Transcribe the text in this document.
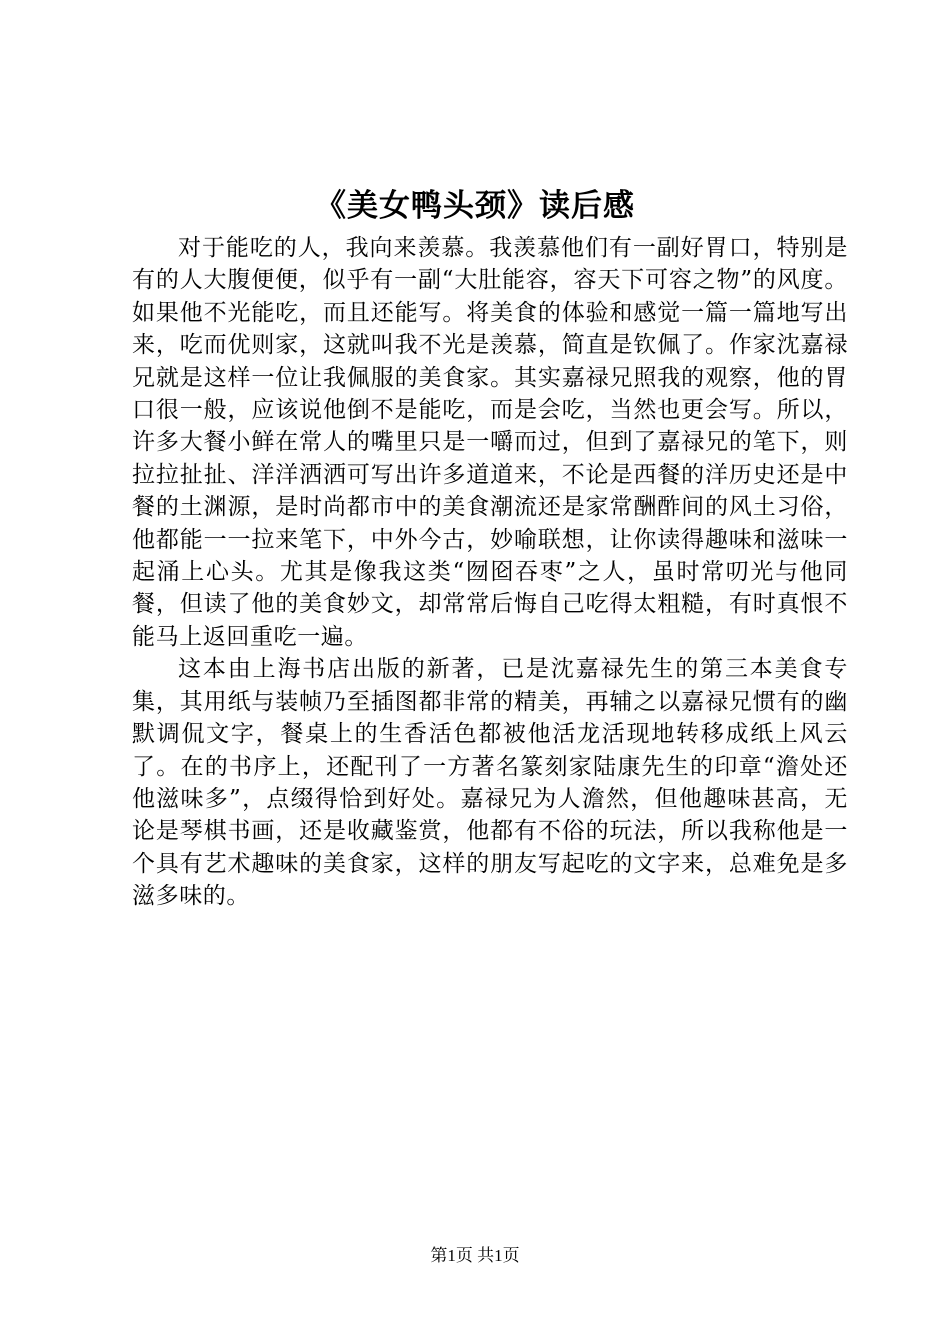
《美女鸭头颈》读后感

对于能吃的人，我向来羡慕。我羡慕他们有一副好胃口，特别是有的人大腹便便，似乎有一副“大肚能容，容天下可容之物”的风度。如果他不光能吃，而且还能写。将美食的体验和感觉一篇一篇地写出来，吃而优则家，这就叫我不光是羡慕，简直是钦佩了。作家沈嘉禄兄就是这样一位让我佩服的美食家。其实嘉禄兄照我的观察，他的胃口很一般，应该说他倒不是能吃，而是会吃，当然也更会写。所以，许多大餐小鲜在常人的嘴里只是一嚼而过，但到了嘉禄兄的笔下，则拉拉扯扯、洋洋洒洒可写出许多道道来，不论是西餐的洋历史还是中餐的土渊源，是时尚都市中的美食潮流还是家常酬酢间的风土习俗，他都能一一拉来笔下，中外今古，妙喻联想，让你读得趣味和滋味一起涌上心头。尤其是像我这类“囫囵吞枣”之人，虽时常叨光与他同餐，但读了他的美食妙文，却常常后悔自己吃得太粗糙，有时真恨不能马上返回重吃一遍。

这本由上海书店出版的新著，已是沈嘉禄先生的第三本美食专集，其用纸与装帧乃至插图都非常的精美，再辅之以嘉禄兄惯有的幽默调侃文字，餐桌上的生香活色都被他活龙活现地转移成纸上风云了。在的书序上，还配刊了一方著名篆刻家陆康先生的印章“澹处还他滋味多”，点缀得恰到好处。嘉禄兄为人澹然，但他趣味甚高，无论是琴棋书画，还是收藏鉴赏，他都有不俗的玩法，所以我称他是一个具有艺术趣味的美食家，这样的朋友写起吃的文字来，总难免是多滋多味的。

第1页 共1页
